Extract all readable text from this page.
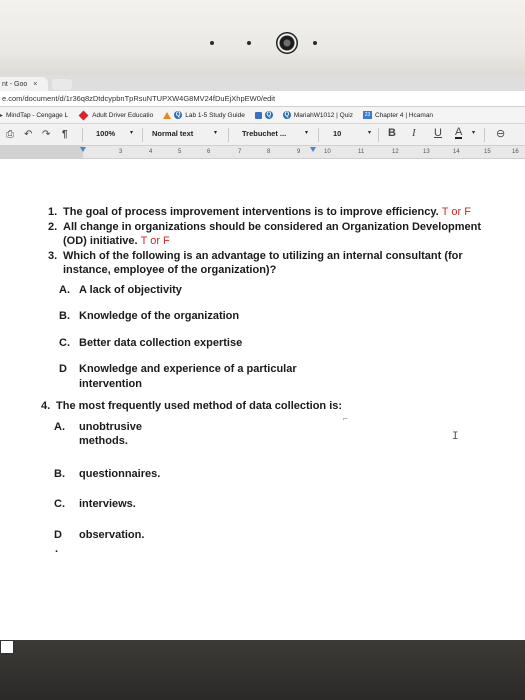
nt - Goo ×
e.com/document/d/1r36q8zDtdcypbnTpRsuNTUPXW4G8MV24fDuEjXhpEW0/edit
▸ MindTap - Cengage L	Adult Driver Educatio	Q Lab 1-5 Study Guide	Q Q MariahW1012 | Quiz	23 Chapter 4 | Hcaman
⎙ ↶ ↷ ¶	100% ▾	Normal text	▾	Trebuchet ...	▾	10	▾ B I U A ▾ ⊖
3	4	5	6	7	8	9	10	11	12	13	14	15	16
1. The goal of process improvement interventions is to improve efficiency. T or F
2. All change in organizations should be considered an Organization Development (OD) initiative. T or F
3. Which of the following is an advantage to utilizing an internal consultant (for instance, employee of the organization)?
A. A lack of objectivity
B. Knowledge of the organization
C. Better data collection expertise
D Knowledge and experience of a particular intervention
4. The most frequently used method of data collection is:
A. unobtrusive methods.
B. questionnaires.
C. interviews.
D observation.
.
I
⌐
